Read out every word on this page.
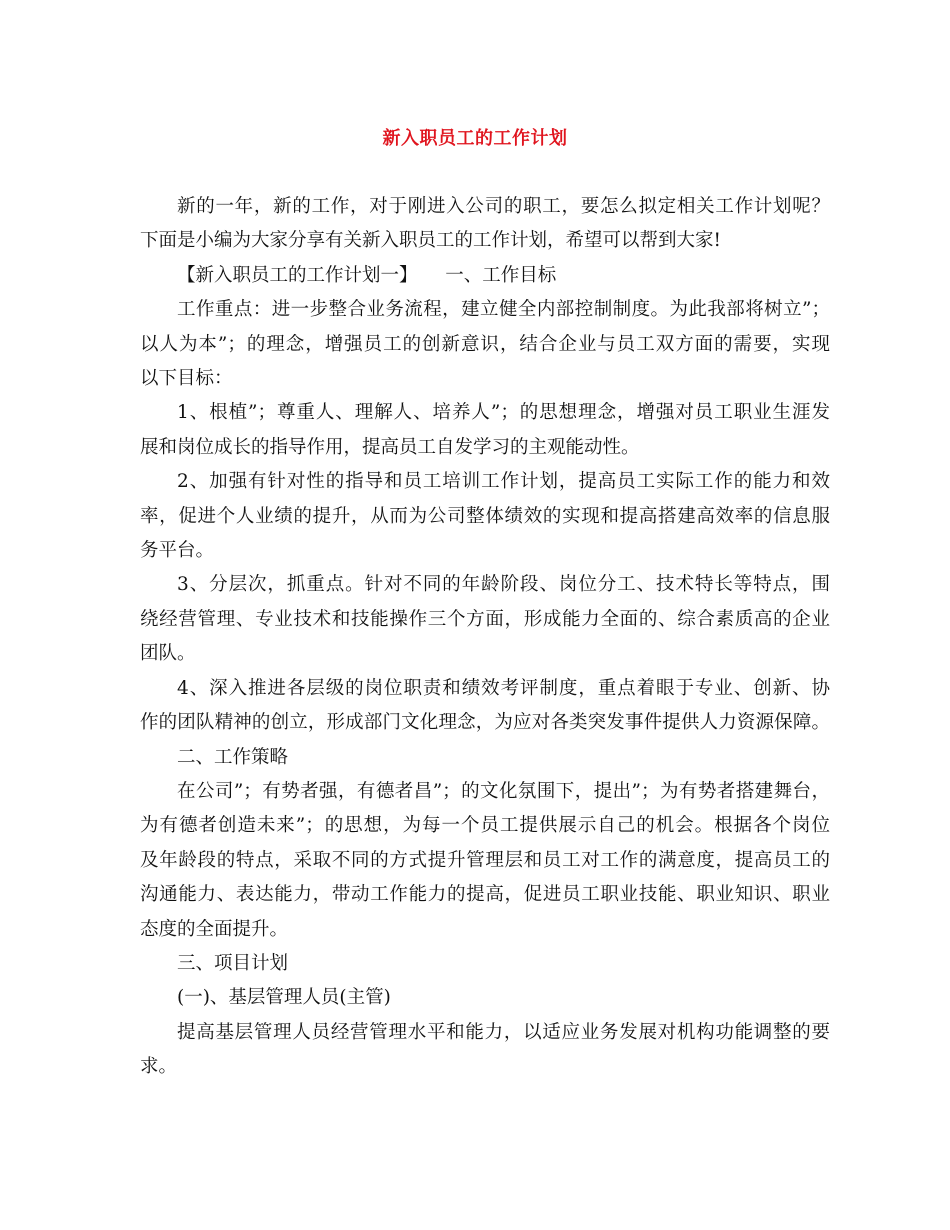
新入职员工的工作计划
新的一年，新的工作，对于刚进入公司的职工，要怎么拟定相关工作计划呢？
下面是小编为大家分享有关新入职员工的工作计划，希望可以帮到大家!
【新入职员工的工作计划一】　　一、工作目标
工作重点：进一步整合业务流程，建立健全内部控制制度。为此我部将树立”；
以人为本”；的理念，增强员工的创新意识，结合企业与员工双方面的需要，实现
以下目标：
1、根植”；尊重人、理解人、培养人”；的思想理念，增强对员工职业生涯发
展和岗位成长的指导作用，提高员工自发学习的主观能动性。
2、加强有针对性的指导和员工培训工作计划，提高员工实际工作的能力和效
率，促进个人业绩的提升，从而为公司整体绩效的实现和提高搭建高效率的信息服
务平台。
3、分层次，抓重点。针对不同的年龄阶段、岗位分工、技术特长等特点，围
绕经营管理、专业技术和技能操作三个方面，形成能力全面的、综合素质高的企业
团队。
4、深入推进各层级的岗位职责和绩效考评制度，重点着眼于专业、创新、协
作的团队精神的创立，形成部门文化理念，为应对各类突发事件提供人力资源保障。
二、工作策略
在公司”；有势者强，有德者昌”；的文化氛围下，提出”；为有势者搭建舞台，
为有德者创造未来”；的思想，为每一个员工提供展示自己的机会。根据各个岗位
及年龄段的特点，采取不同的方式提升管理层和员工对工作的满意度，提高员工的
沟通能力、表达能力，带动工作能力的提高，促进员工职业技能、职业知识、职业
态度的全面提升。
三、项目计划
(一)、基层管理人员(主管)
提高基层管理人员经营管理水平和能力，以适应业务发展对机构功能调整的要
求。
